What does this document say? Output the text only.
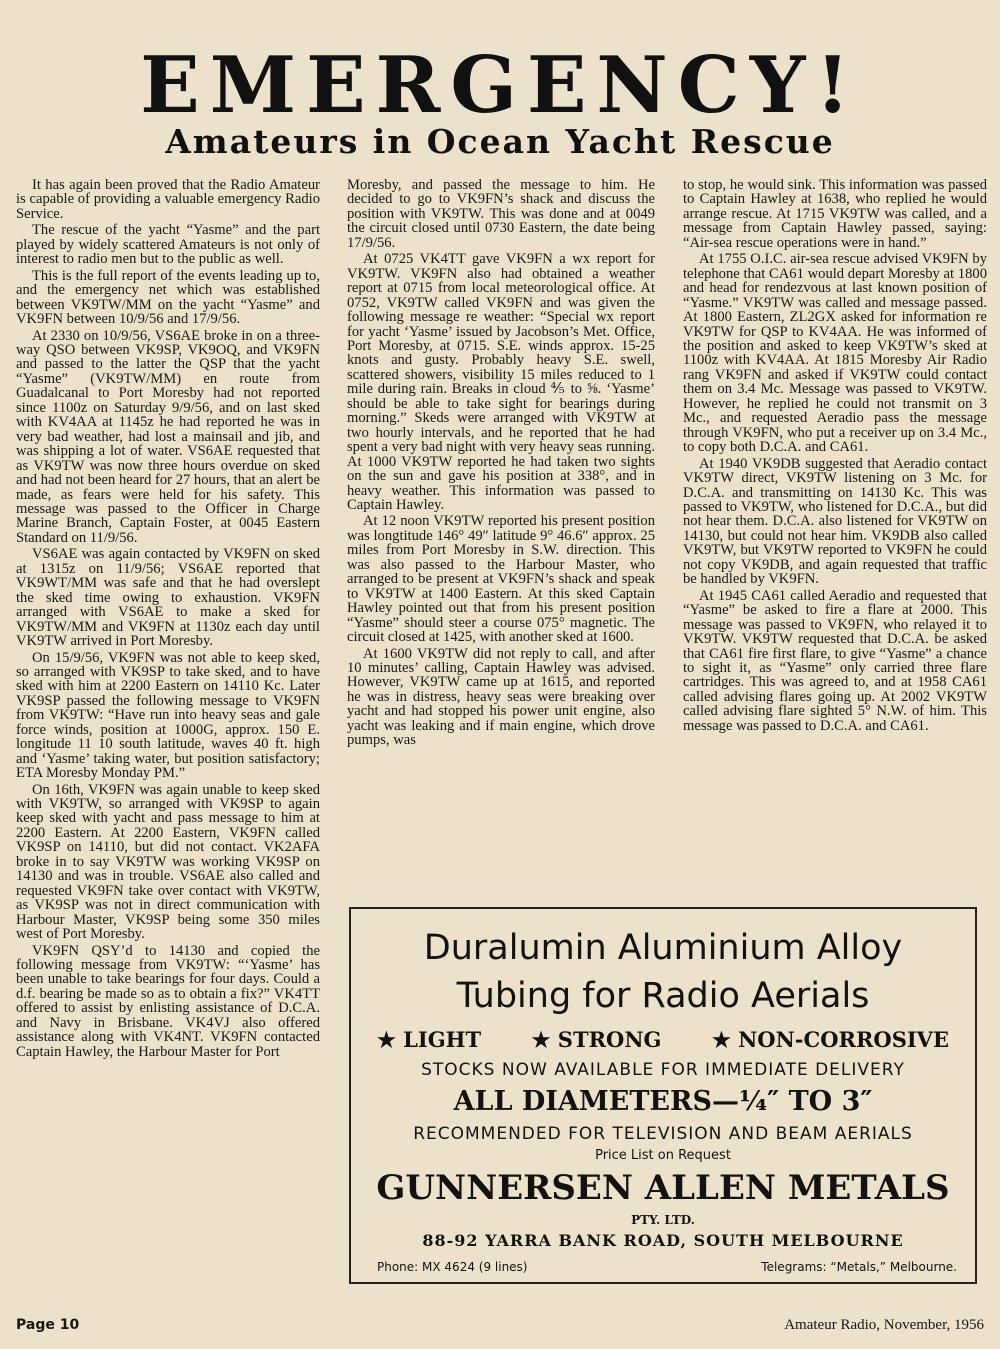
EMERGENCY!
Amateurs in Ocean Yacht Rescue

It has again been proved that the Radio Amateur is capable of providing a valuable emergency Radio Service.

The rescue of the yacht “Yasme” and the part played by widely scattered Amateurs is not only of interest to radio men but to the public as well.

This is the full report of the events leading up to, and the emergency net which was established between VK9TW/MM on the yacht “Yasme” and VK9FN between 10/9/56 and 17/9/56.

At 2330 on 10/9/56, VS6AE broke in on a three-way QSO between VK9SP, VK9OQ, and VK9FN and passed to the latter the QSP that the yacht “Yasme” (VK9TW/MM) en route from Guadalcanal to Port Moresby had not reported since 1100z on Saturday 9/9/56, and on last sked with KV4AA at 1145z he had reported he was in very bad weather, had lost a mainsail and jib, and was shipping a lot of water. VS6AE requested that as VK9TW was now three hours overdue on sked and had not been heard for 27 hours, that an alert be made, as fears were held for his safety. This message was passed to the Officer in Charge Marine Branch, Captain Foster, at 0045 Eastern Standard on 11/9/56.

VS6AE was again contacted by VK9FN on sked at 1315z on 11/9/56; VS6AE reported that VK9WT/MM was safe and that he had overslept the sked time owing to exhaustion. VK9FN arranged with VS6AE to make a sked for VK9TW/MM and VK9FN at 1130z each day until VK9TW arrived in Port Moresby.

On 15/9/56, VK9FN was not able to keep sked, so arranged with VK9SP to take sked, and to have sked with him at 2200 Eastern on 14110 Kc. Later VK9SP passed the following message to VK9FN from VK9TW: “Have run into heavy seas and gale force winds, position at 1000G, approx. 150 E. longitude 11 10 south latitude, waves 40 ft. high and ‘Yasme’ taking water, but position satisfactory; ETA Moresby Monday PM.”

On 16th, VK9FN was again unable to keep sked with VK9TW, so arranged with VK9SP to again keep sked with yacht and pass message to him at 2200 Eastern. At 2200 Eastern, VK9FN called VK9SP on 14110, but did not contact. VK2AFA broke in to say VK9TW was working VK9SP on 14130 and was in trouble. VS6AE also called and requested VK9FN take over contact with VK9TW, as VK9SP was not in direct communication with Harbour Master, VK9SP being some 350 miles west of Port Moresby.

VK9FN QSY’d to 14130 and copied the following message from VK9TW: “‘Yasme’ has been unable to take bearings for four days. Could a d.f. bearing be made so as to obtain a fix?” VK4TT offered to assist by enlisting assistance of D.C.A. and Navy in Brisbane. VK4VJ also offered assistance along with VK4NT. VK9FN contacted Captain Hawley, the Harbour Master for Port

Moresby, and passed the message to him. He decided to go to VK9FN’s shack and discuss the position with VK9TW. This was done and at 0049 the circuit closed until 0730 Eastern, the date being 17/9/56.

At 0725 VK4TT gave VK9FN a wx report for VK9TW. VK9FN also had obtained a weather report at 0715 from local meteorological office. At 0752, VK9TW called VK9FN and was given the following message re weather: “Special wx report for yacht ‘Yasme’ issued by Jacobson’s Met. Office, Port Moresby, at 0715. S.E. winds approx. 15-25 knots and gusty. Probably heavy S.E. swell, scattered showers, visibility 15 miles reduced to 1 mile during rain. Breaks in cloud ⅘ to ⅝. ‘Yasme’ should be able to take sight for bearings during morning.” Skeds were arranged with VK9TW at two hourly intervals, and he reported that he had spent a very bad night with very heavy seas running. At 1000 VK9TW reported he had taken two sights on the sun and gave his position at 338°, and in heavy weather. This information was passed to Captain Hawley.

At 12 noon VK9TW reported his present position was longtitude 146° 49″ latitude 9° 46.6″ approx. 25 miles from Port Moresby in S.W. direction. This was also passed to the Harbour Master, who arranged to be present at VK9FN’s shack and speak to VK9TW at 1400 Eastern. At this sked Captain Hawley pointed out that from his present position “Yasme” should steer a course 075° magnetic. The circuit closed at 1425, with another sked at 1600.

At 1600 VK9TW did not reply to call, and after 10 minutes’ calling, Captain Hawley was advised. However, VK9TW came up at 1615, and reported he was in distress, heavy seas were breaking over yacht and had stopped his power unit engine, also yacht was leaking and if main engine, which drove pumps, was

to stop, he would sink. This information was passed to Captain Hawley at 1638, who replied he would arrange rescue. At 1715 VK9TW was called, and a message from Captain Hawley passed, saying: “Air-sea rescue operations were in hand.”

At 1755 O.I.C. air-sea rescue advised VK9FN by telephone that CA61 would depart Moresby at 1800 and head for rendezvous at last known position of “Yasme.” VK9TW was called and message passed. At 1800 Eastern, ZL2GX asked for information re VK9TW for QSP to KV4AA. He was informed of the position and asked to keep VK9TW’s sked at 1100z with KV4AA. At 1815 Moresby Air Radio rang VK9FN and asked if VK9TW could contact them on 3.4 Mc. Message was passed to VK9TW. However, he replied he could not transmit on 3 Mc., and requested Aeradio pass the message through VK9FN, who put a receiver up on 3.4 Mc., to copy both D.C.A. and CA61.

At 1940 VK9DB suggested that Aeradio contact VK9TW direct, VK9TW listening on 3 Mc. for D.C.A. and transmitting on 14130 Kc. This was passed to VK9TW, who listened for D.C.A., but did not hear them. D.C.A. also listened for VK9TW on 14130, but could not hear him. VK9DB also called VK9TW, but VK9TW reported to VK9FN he could not copy VK9DB, and again requested that traffic be handled by VK9FN.

At 1945 CA61 called Aeradio and requested that “Yasme” be asked to fire a flare at 2000. This message was passed to VK9FN, who relayed it to VK9TW. VK9TW requested that D.C.A. be asked that CA61 fire first flare, to give “Yasme” a chance to sight it, as “Yasme” only carried three flare cartridges. This was agreed to, and at 1958 CA61 called advising flares going up. At 2002 VK9TW called advising flare sighted 5° N.W. of him. This message was passed to D.C.A. and CA61.

Duralumin Aluminium Alloy
Tubing for Radio Aerials
★ LIGHT ★ STRONG ★ NON-CORROSIVE
STOCKS NOW AVAILABLE FOR IMMEDIATE DELIVERY
ALL DIAMETERS—¼″ TO 3″
RECOMMENDED FOR TELEVISION AND BEAM AERIALS
Price List on Request
GUNNERSEN ALLEN METALS
PTY. LTD.
88-92 YARRA BANK ROAD, SOUTH MELBOURNE
Phone: MX 4624 (9 lines)	Telegrams: “Metals,” Melbourne.
Page 10	Amateur Radio, November, 1956
